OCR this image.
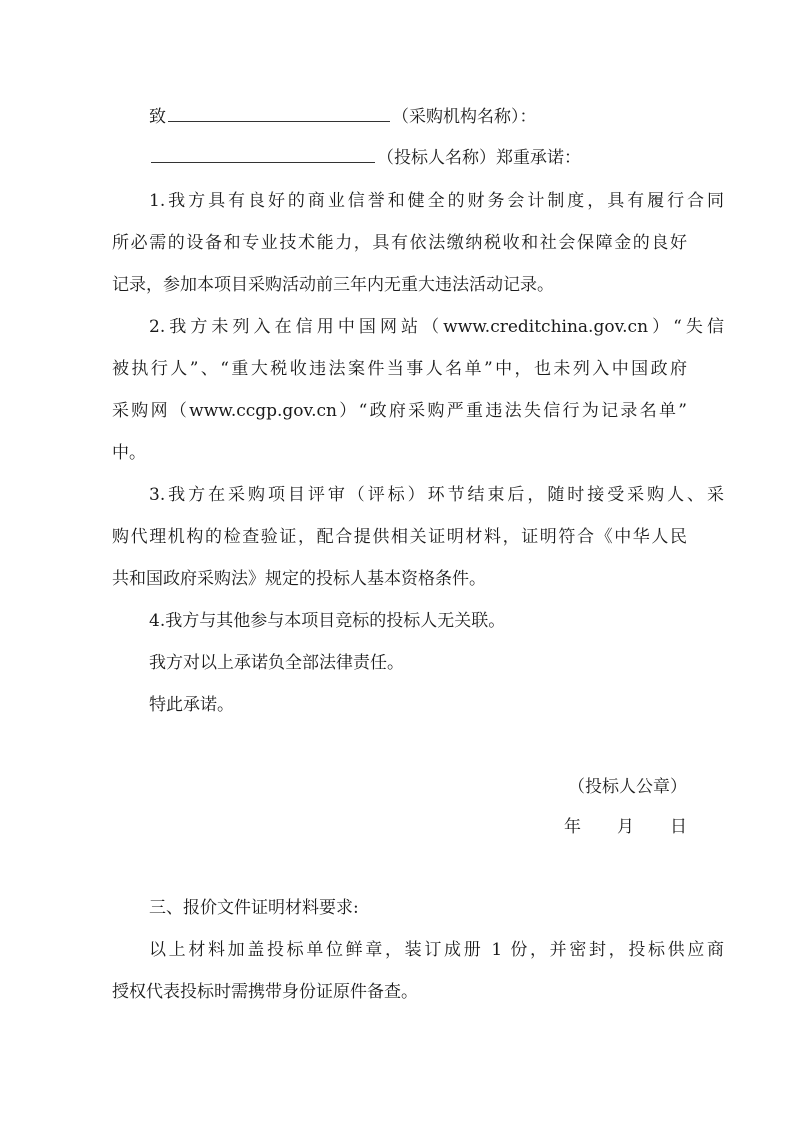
致	（采购机构名称）：
（投标人名称）郑重承诺：
1.我方具有良好的商业信誉和健全的财务会计制度，具有履行合同
所必需的设备和专业技术能力，具有依法缴纳税收和社会保障金的良好
记录，参加本项目采购活动前三年内无重大违法活动记录。
2.我方未列入在信用中国网站（www.creditchina.gov.cn）“失信
被执行人”、“重大税收违法案件当事人名单”中，也未列入中国政府
采购网（www.ccgp.gov.cn）“政府采购严重违法失信行为记录名单”
中。
3.我方在采购项目评审（评标）环节结束后，随时接受采购人、采
购代理机构的检查验证，配合提供相关证明材料，证明符合《中华人民
共和国政府采购法》规定的投标人基本资格条件。
4.我方与其他参与本项目竞标的投标人无关联。
我方对以上承诺负全部法律责任。
特此承诺。
（投标人公章）
年 月 日
三、报价文件证明材料要求:
以上材料加盖投标单位鲜章，装订成册 1 份，并密封，投标供应商
授权代表投标时需携带身份证原件备查。
